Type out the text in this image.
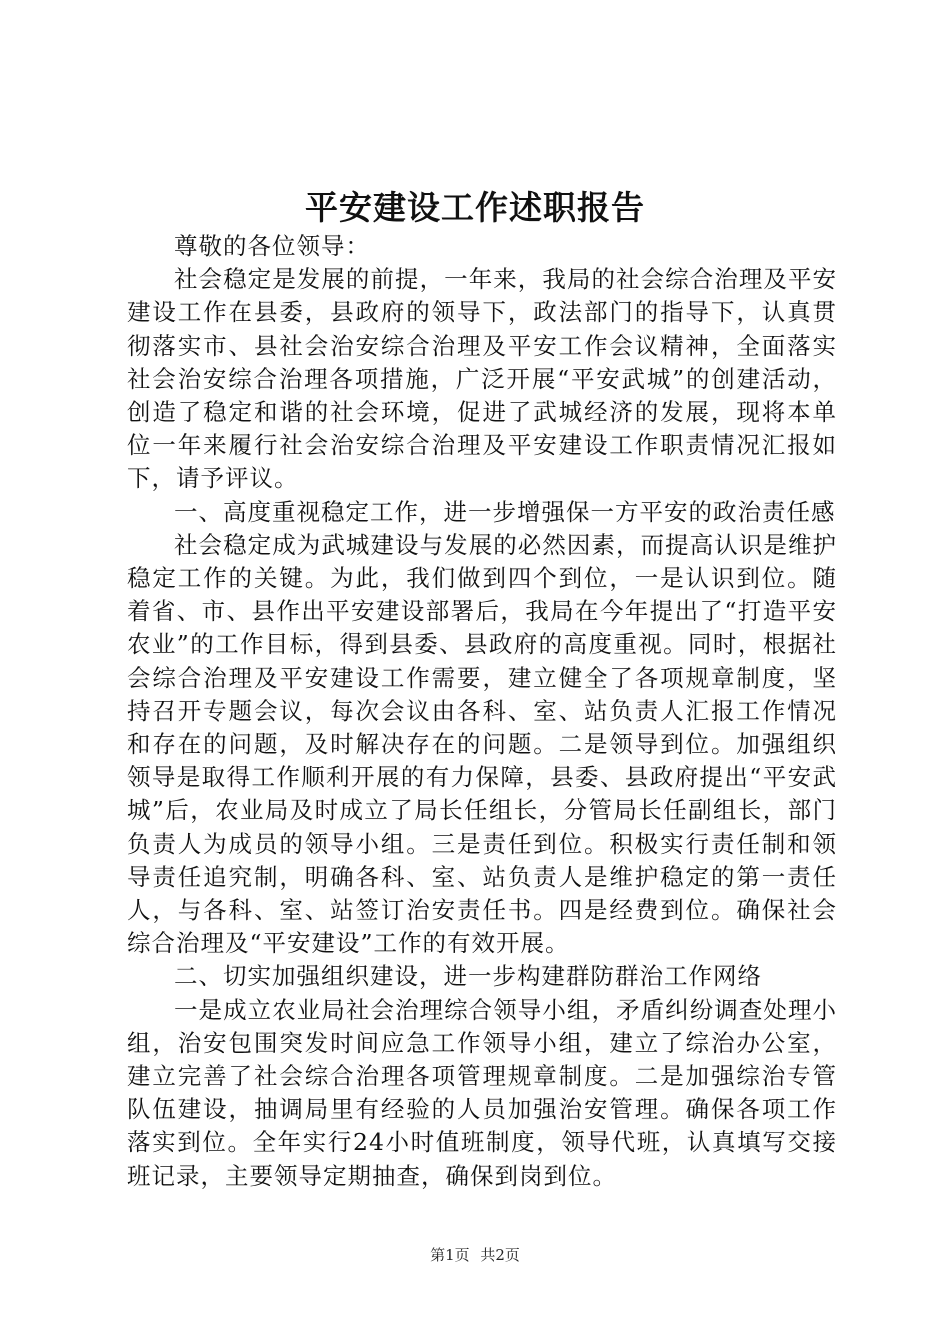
平安建设工作述职报告

尊敬的各位领导：

社会稳定是发展的前提，一年来，我局的社会综合治理及平安建设工作在县委，县政府的领导下，政法部门的指导下，认真贯彻落实市、县社会治安综合治理及平安工作会议精神，全面落实社会治安综合治理各项措施，广泛开展“平安武城”的创建活动，创造了稳定和谐的社会环境，促进了武城经济的发展，现将本单位一年来履行社会治安综合治理及平安建设工作职责情况汇报如下，请予评议。

一、高度重视稳定工作，进一步增强保一方平安的政治责任感

社会稳定成为武城建设与发展的必然因素，而提高认识是维护稳定工作的关键。为此，我们做到四个到位，一是认识到位。随着省、市、县作出平安建设部署后，我局在今年提出了“打造平安农业”的工作目标，得到县委、县政府的高度重视。同时，根据社会综合治理及平安建设工作需要，建立健全了各项规章制度，坚持召开专题会议，每次会议由各科、室、站负责人汇报工作情况和存在的问题，及时解决存在的问题。二是领导到位。加强组织领导是取得工作顺利开展的有力保障，县委、县政府提出“平安武城”后，农业局及时成立了局长任组长，分管局长任副组长，部门负责人为成员的领导小组。三是责任到位。积极实行责任制和领导责任追究制，明确各科、室、站负责人是维护稳定的第一责任人，与各科、室、站签订治安责任书。四是经费到位。确保社会综合治理及“平安建设”工作的有效开展。

二、切实加强组织建设，进一步构建群防群治工作网络

一是成立农业局社会治理综合领导小组，矛盾纠纷调查处理小组，治安包围突发时间应急工作领导小组，建立了综治办公室，建立完善了社会综合治理各项管理规章制度。二是加强综治专管队伍建设，抽调局里有经验的人员加强治安管理。确保各项工作落实到位。全年实行24小时值班制度，领导代班，认真填写交接班记录，主要领导定期抽查，确保到岗到位。

第1页 共2页
